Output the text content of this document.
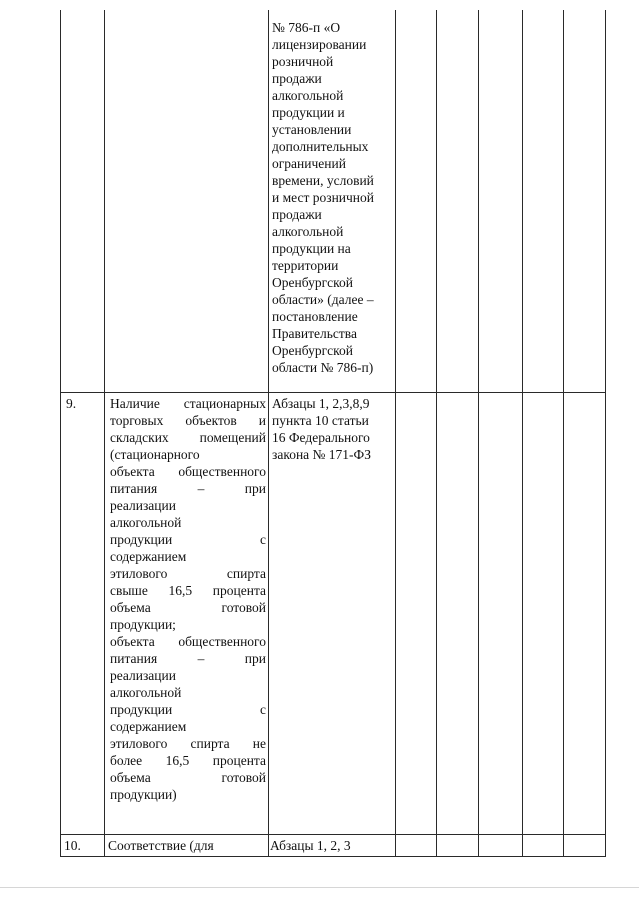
№ 786-п «О
лицензировании
розничной
продажи
алкогольной
продукции и
установлении
дополнительных
ограничений
времени, условий
и мест розничной
продажи
алкогольной
продукции на
территории
Оренбургской
области» (далее –
постановление
Правительства
Оренбургской
области № 786-п)
9.	Наличие стационарных
торговых объектов и
складских помещений
(стационарного
объекта общественного
питания – при
реализации
алкогольной
продукции с
содержанием
этилового спирта
свыше 16,5 процента
объема готовой
продукции;
объекта общественного
питания – при
реализации
алкогольной
продукции с
содержанием
этилового спирта не
более 16,5 процента
объема готовой
продукции)
Абзацы 1, 2,3,8,9
пункта 10 статьи
16 Федерального
закона № 171-ФЗ
10. Соответствие (для	Абзацы 1, 2, 3
